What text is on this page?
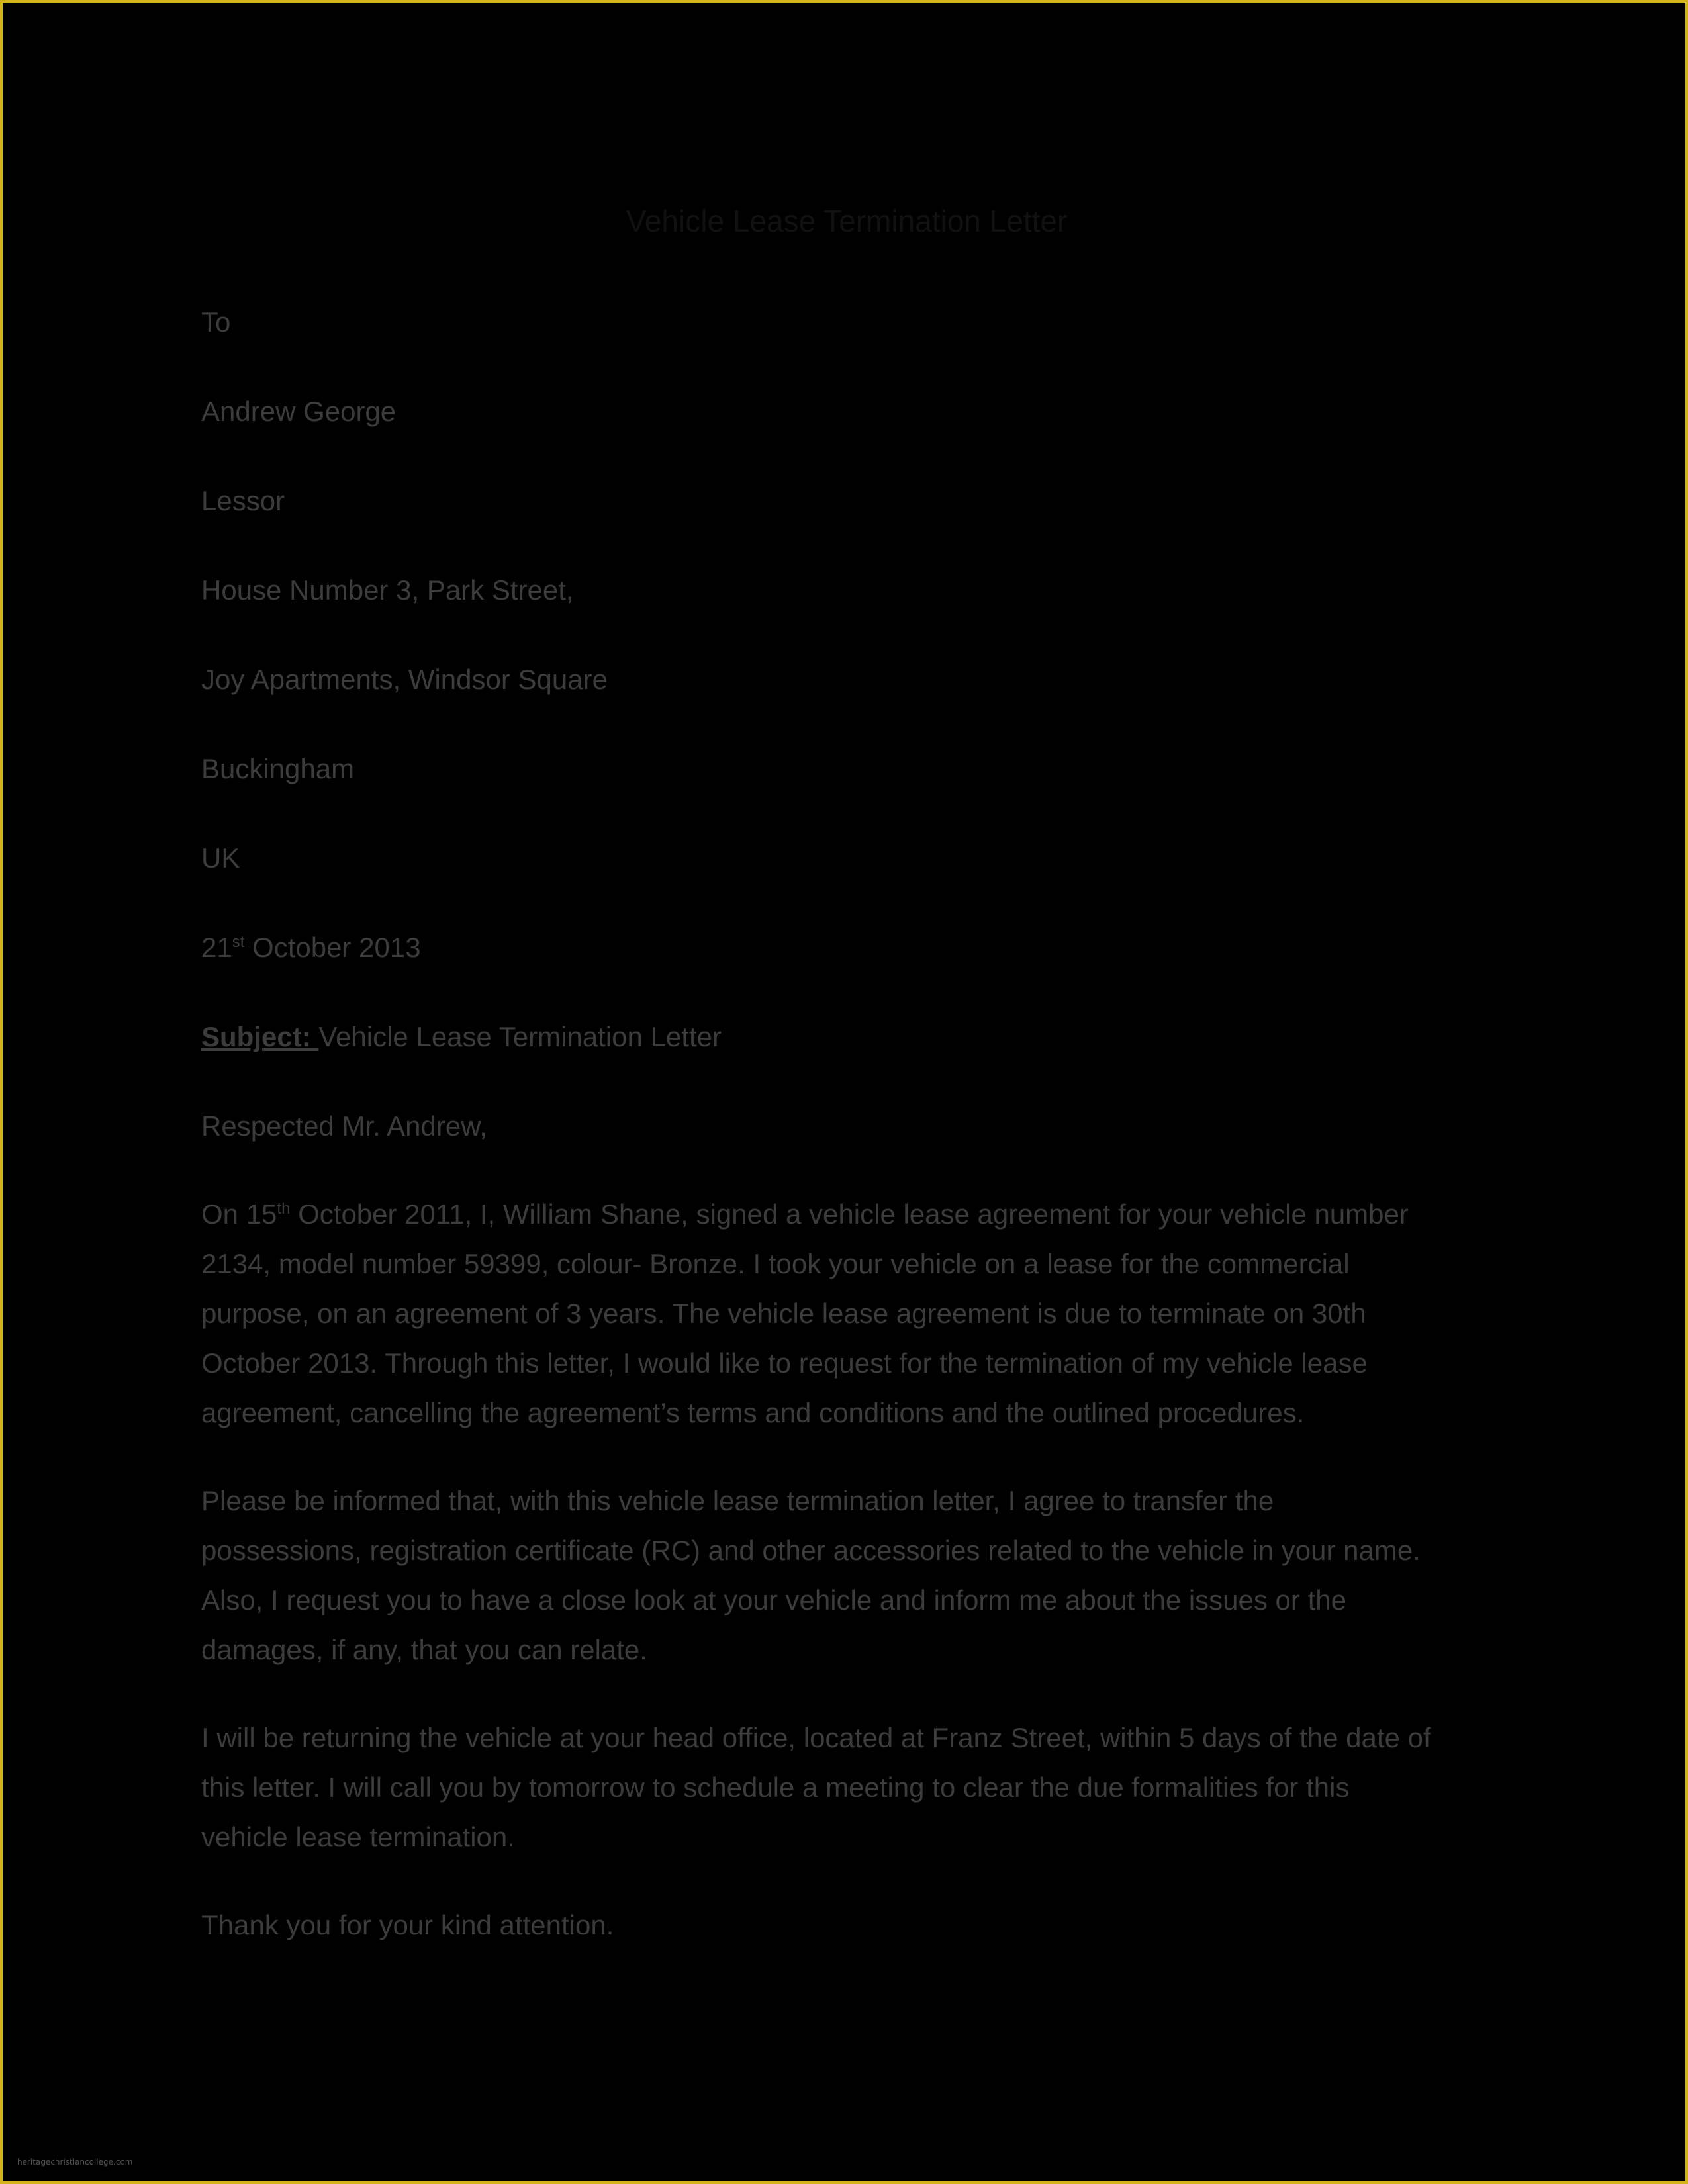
Vehicle Lease Termination Letter
To
Andrew George
Lessor
House Number 3, Park Street,
Joy Apartments, Windsor Square
Buckingham
UK
21st October 2013
Subject: Vehicle Lease Termination Letter
Respected Mr. Andrew,
On 15th October 2011, I, William Shane, signed a vehicle lease agreement for your vehicle number
2134, model number 59399, colour- Bronze. I took your vehicle on a lease for the commercial
purpose, on an agreement of 3 years. The vehicle lease agreement is due to terminate on 30th
October 2013. Through this letter, I would like to request for the termination of my vehicle lease
agreement, cancelling the agreement’s terms and conditions and the outlined procedures.
Please be informed that, with this vehicle lease termination letter, I agree to transfer the
possessions, registration certificate (RC) and other accessories related to the vehicle in your name.
Also, I request you to have a close look at your vehicle and inform me about the issues or the
damages, if any, that you can relate.
I will be returning the vehicle at your head office, located at Franz Street, within 5 days of the date of
this letter. I will call you by tomorrow to schedule a meeting to clear the due formalities for this
vehicle lease termination.
Thank you for your kind attention.
heritagechristiancollege.com
